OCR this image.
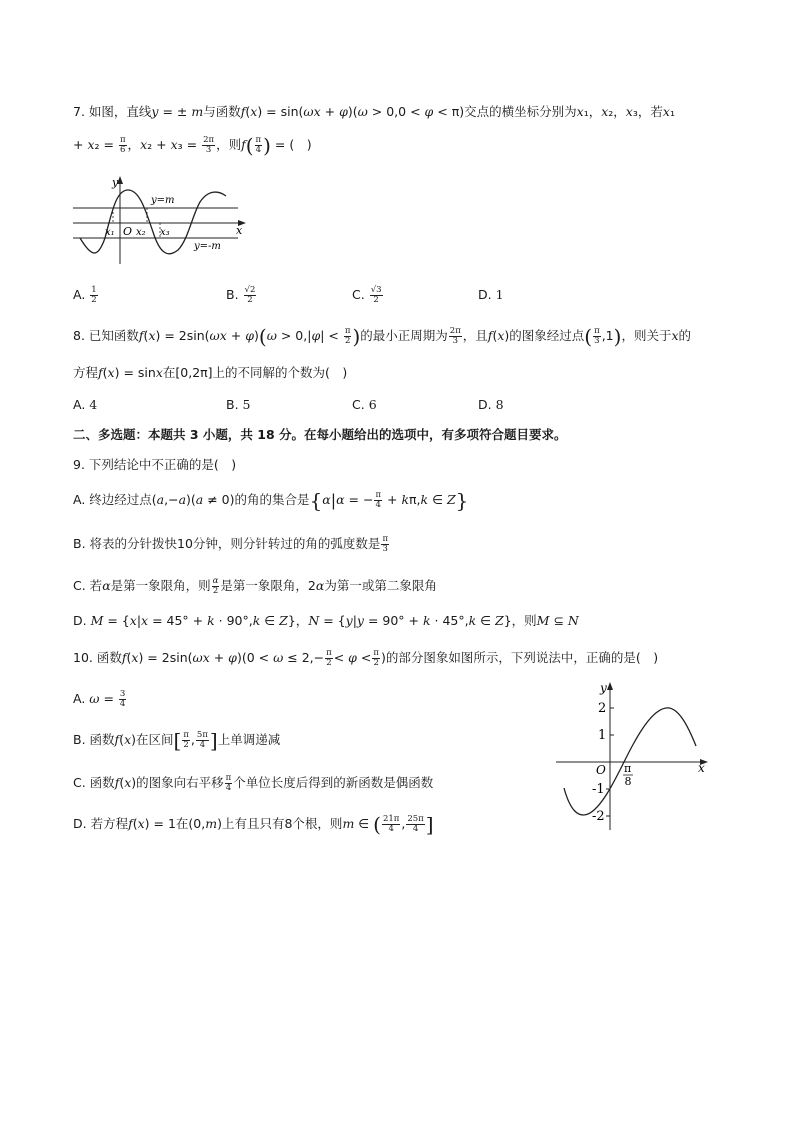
7. 如图，直线y = ± m与函数f(x) = sin(ωx + φ)(ω > 0,0 < φ < π)交点的横坐标分别为x₁，x₂，x₃，若x₁
+ $x_2 = \frac{\pi}{6}$ ，$x_2 + x_3 = \frac{2\pi}{3}$ ，则$f( \frac{\pi}{4}$ ) = (　)
y
x
O
y=m
y=-m
x₁ x₂ x₃
A. $\frac{1}{2}$	B. $\frac{√2}{2}$	C. $\frac{√3}{2}$	D. 1
8. 已知函数$f(x) = 2\sin(\omega x + \varphi)(\omega > 0,|\varphi| < \frac{\pi}{2}$ )的最小正周期为 $\frac{2\pi}{3}$ ，且f(x)的图象经过点( $\frac{\pi}{3} ,1$)，则关于x的
方程f(x) = sinx在[0,2π]上的不同解的个数为(　)
A. 4	B. 5	C. 6	D. 8
二、多选题：本题共 3 小题，共 18 分。在每小题给出的选项中，有多项符合题目要求。
9. 下列结论中不正确的是(　)
A. 终边经过点(a,−a)(a ≠ 0)的角的集合是{α|α = − $\frac{\pi}{4} + k\pi,k$ ∈ Z}
B. 将表的分针拨快10分钟，则分针转过的角的弧度数是 $\frac{\pi}{3}$
C. 若α是第一象限角，则 $\frac{\alpha}{2}$ 是第一象限角，2α为第一或第二象限角
D. M = {x|x = 45° + k · 90°,k ∈ Z}，N = {y|y = 90° + k · 45°,k ∈ Z}，则M ⊆ N
10. 函数$f(x) = 2\sin(\omega x + \varphi)(0 < \omega \le 2,- \frac{\pi}{2} < \varphi < \frac{\pi}{2}$ )的部分图象如图所示，下列说法中，正确的是(　)
A. $\omega = \frac{3}{4}$
B. 函数f(x)在区间[ $\frac{\pi}{2}$ , $\frac{5\pi}{4}$ ]上单调递减
C. 函数f(x)的图象向右平移 $\frac{\pi}{4}$ 个单位长度后得到的新函数是偶函数
D. 若方程f(x) = 1在(0,m)上有且只有8个根，则m ∈ ( $\frac{21\pi}{4}$ , $\frac{25\pi}{4}$ ]
y
x
O
2
1
-1
-2
π
8
